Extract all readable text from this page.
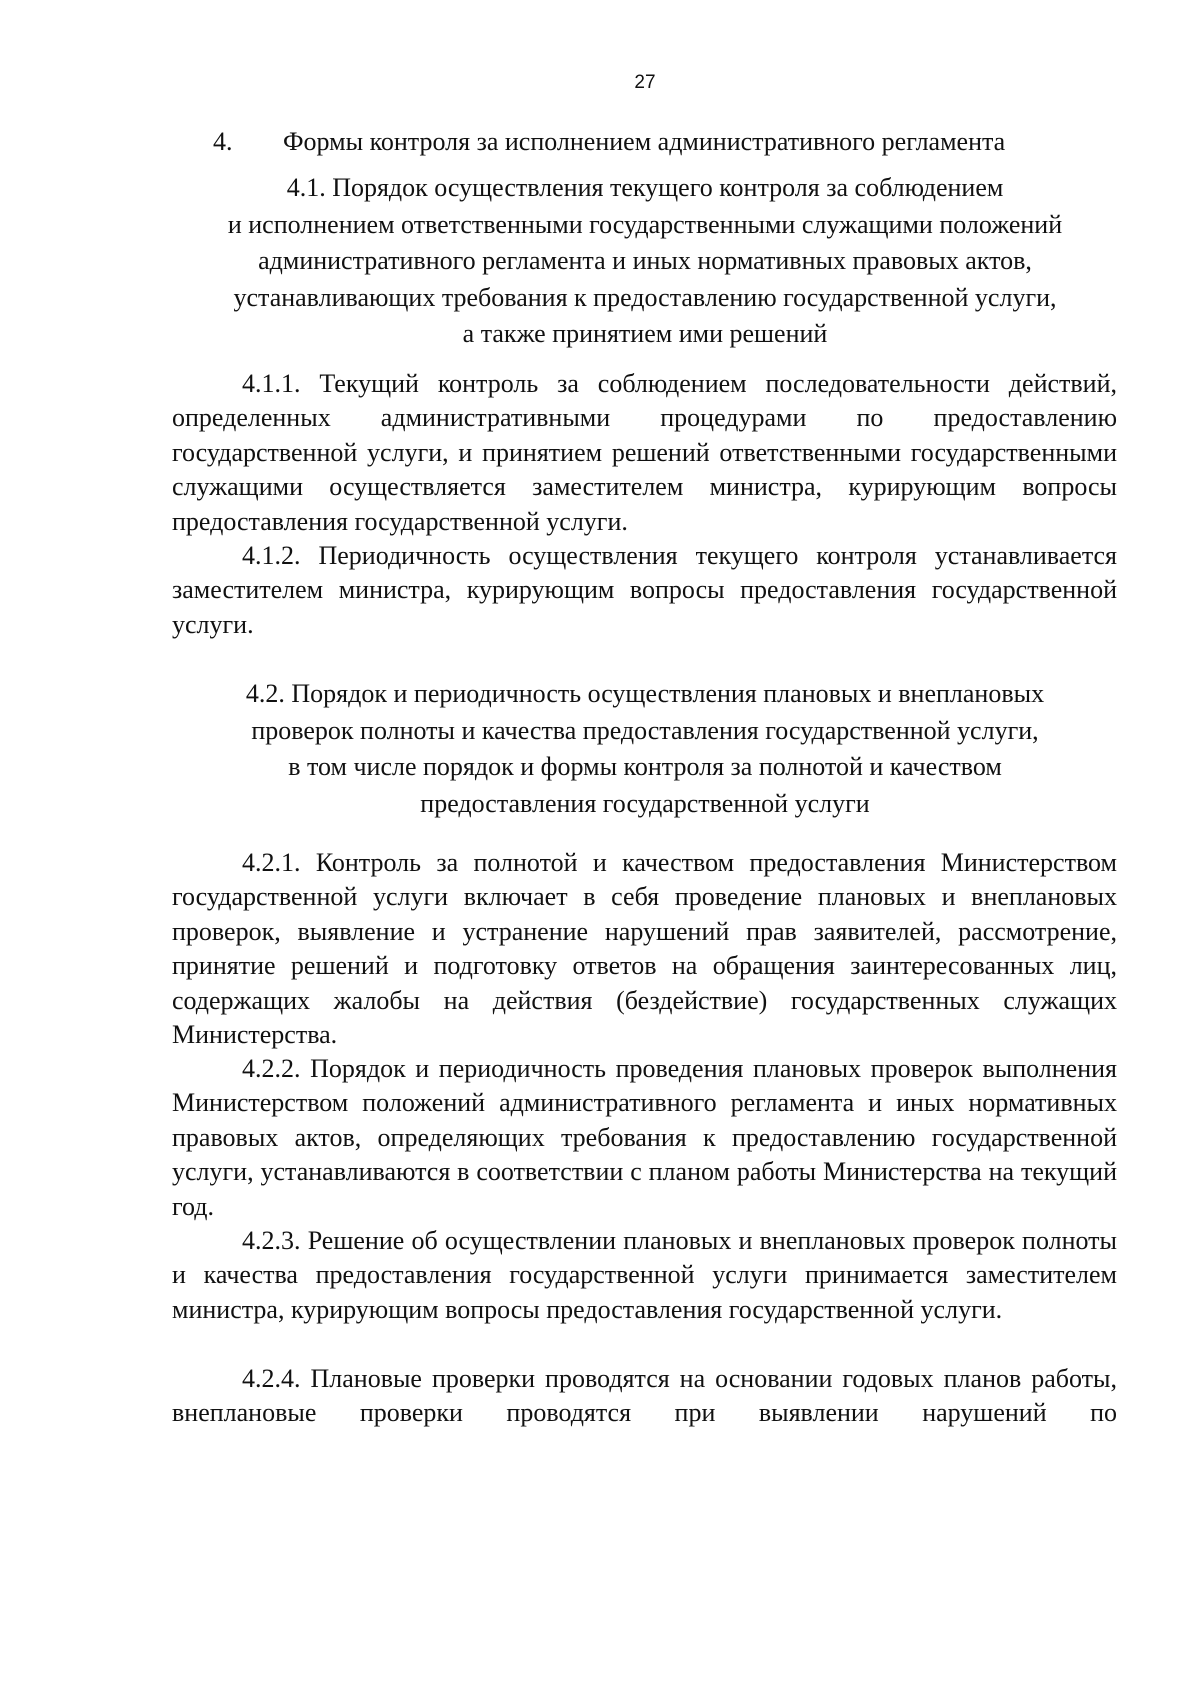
27
4. Формы контроля за исполнением административного регламента
4.1. Порядок осуществления текущего контроля за соблюдением
и исполнением ответственными государственными служащими положений
административного регламента и иных нормативных правовых актов,
устанавливающих требования к предоставлению государственной услуги,
а также принятием ими решений

4.1.1. Текущий контроль за соблюдением последовательности действий, определенных административными процедурами по предоставлению государственной услуги, и принятием решений ответственными государственными служащими осуществляется заместителем министра, курирующим вопросы предоставления государственной услуги.

4.1.2. Периодичность осуществления текущего контроля устанавливается заместителем министра, курирующим вопросы предоставления государственной услуги.

4.2. Порядок и периодичность осуществления плановых и внеплановых
проверок полноты и качества предоставления государственной услуги,
в том числе порядок и формы контроля за полнотой и качеством
предоставления государственной услуги

4.2.1. Контроль за полнотой и качеством предоставления Министерством государственной услуги включает в себя проведение плановых и внеплановых проверок, выявление и устранение нарушений прав заявителей, рассмотрение, принятие решений и подготовку ответов на обращения заинтересованных лиц, содержащих жалобы на действия (бездействие) государственных служащих Министерства.

4.2.2. Порядок и периодичность проведения плановых проверок выполнения Министерством положений административного регламента и иных нормативных правовых актов, определяющих требования к предоставлению государственной услуги, устанавливаются в соответствии с планом работы Министерства на текущий год.

4.2.3. Решение об осуществлении плановых и внеплановых проверок полноты и качества предоставления государственной услуги принимается заместителем министра, курирующим вопросы предоставления государственной услуги.

4.2.4. Плановые проверки проводятся на основании годовых планов работы, внеплановые проверки проводятся при выявлении нарушений по
